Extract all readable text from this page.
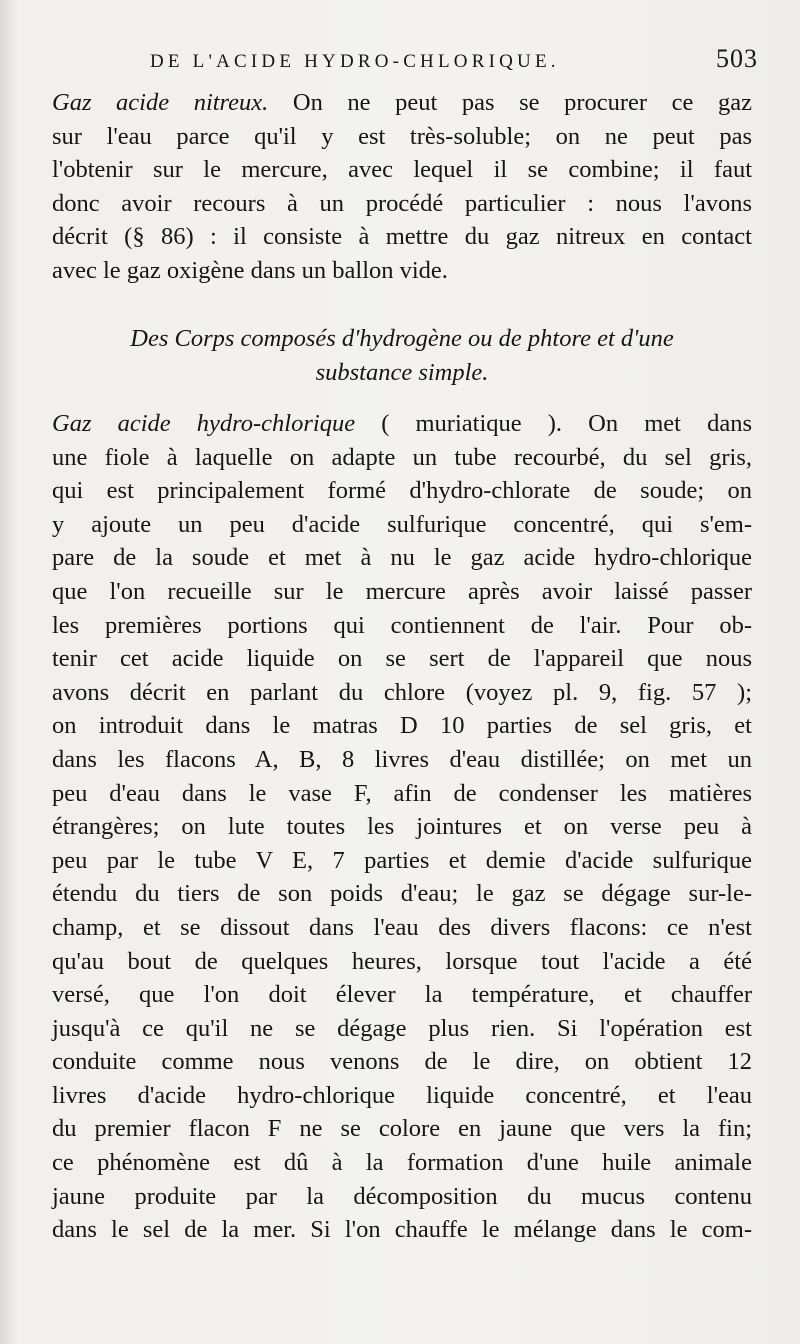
DE L'ACIDE HYDRO-CHLORIQUE.	503
Gaz acide nitreux. On ne peut pas se procurer ce gaz
sur l'eau parce qu'il y est très-soluble; on ne peut pas
l'obtenir sur le mercure, avec lequel il se combine; il faut
donc avoir recours à un procédé particulier : nous l'avons
décrit (§ 86) : il consiste à mettre du gaz nitreux en contact
avec le gaz oxigène dans un ballon vide.
Des Corps composés d'hydrogène ou de phtore et d'une
substance simple.
Gaz acide hydro-chlorique ( muriatique ). On met dans
une fiole à laquelle on adapte un tube recourbé, du sel gris,
qui est principalement formé d'hydro-chlorate de soude; on
y ajoute un peu d'acide sulfurique concentré, qui s'em-
pare de la soude et met à nu le gaz acide hydro-chlorique
que l'on recueille sur le mercure après avoir laissé passer
les premières portions qui contiennent de l'air. Pour ob-
tenir cet acide liquide on se sert de l'appareil que nous
avons décrit en parlant du chlore (voyez pl. 9, fig. 57 );
on introduit dans le matras D 10 parties de sel gris, et
dans les flacons A, B, 8 livres d'eau distillée; on met un
peu d'eau dans le vase F, afin de condenser les matières
étrangères; on lute toutes les jointures et on verse peu à
peu par le tube V E, 7 parties et demie d'acide sulfurique
étendu du tiers de son poids d'eau; le gaz se dégage sur-le-
champ, et se dissout dans l'eau des divers flacons: ce n'est
qu'au bout de quelques heures, lorsque tout l'acide a été
versé, que l'on doit élever la température, et chauffer
jusqu'à ce qu'il ne se dégage plus rien. Si l'opération est
conduite comme nous venons de le dire, on obtient 12
livres d'acide hydro-chlorique liquide concentré, et l'eau
du premier flacon F ne se colore en jaune que vers la fin;
ce phénomène est dû à la formation d'une huile animale
jaune produite par la décomposition du mucus contenu
dans le sel de la mer. Si l'on chauffe le mélange dans le com-
